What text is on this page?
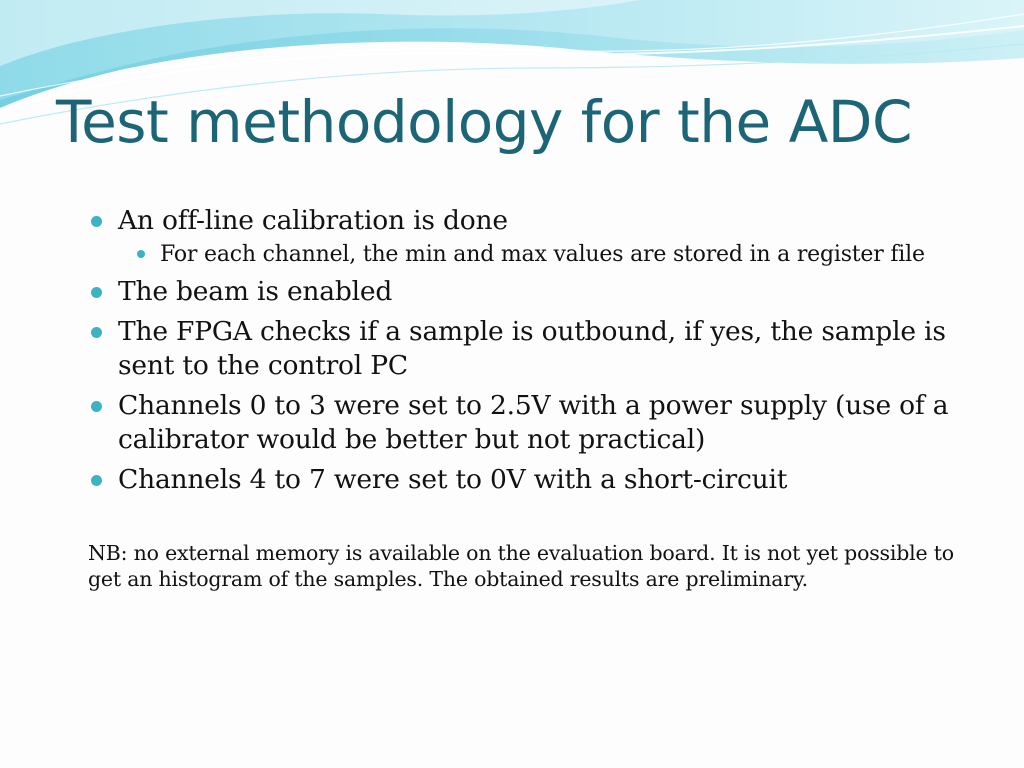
Test methodology for the ADC
An off-line calibration is done
For each channel, the min and max values are stored in a register file
The beam is enabled
The FPGA checks if a sample is outbound, if yes, the sample is sent to the control PC
Channels 0 to 3 were set to 2.5V with a power supply (use of a calibrator would be better but not practical)
Channels 4 to 7 were set to 0V with a short-circuit

NB: no external memory is available on the evaluation board. It is not yet possible to get an histogram of the samples. The obtained results are preliminary.
